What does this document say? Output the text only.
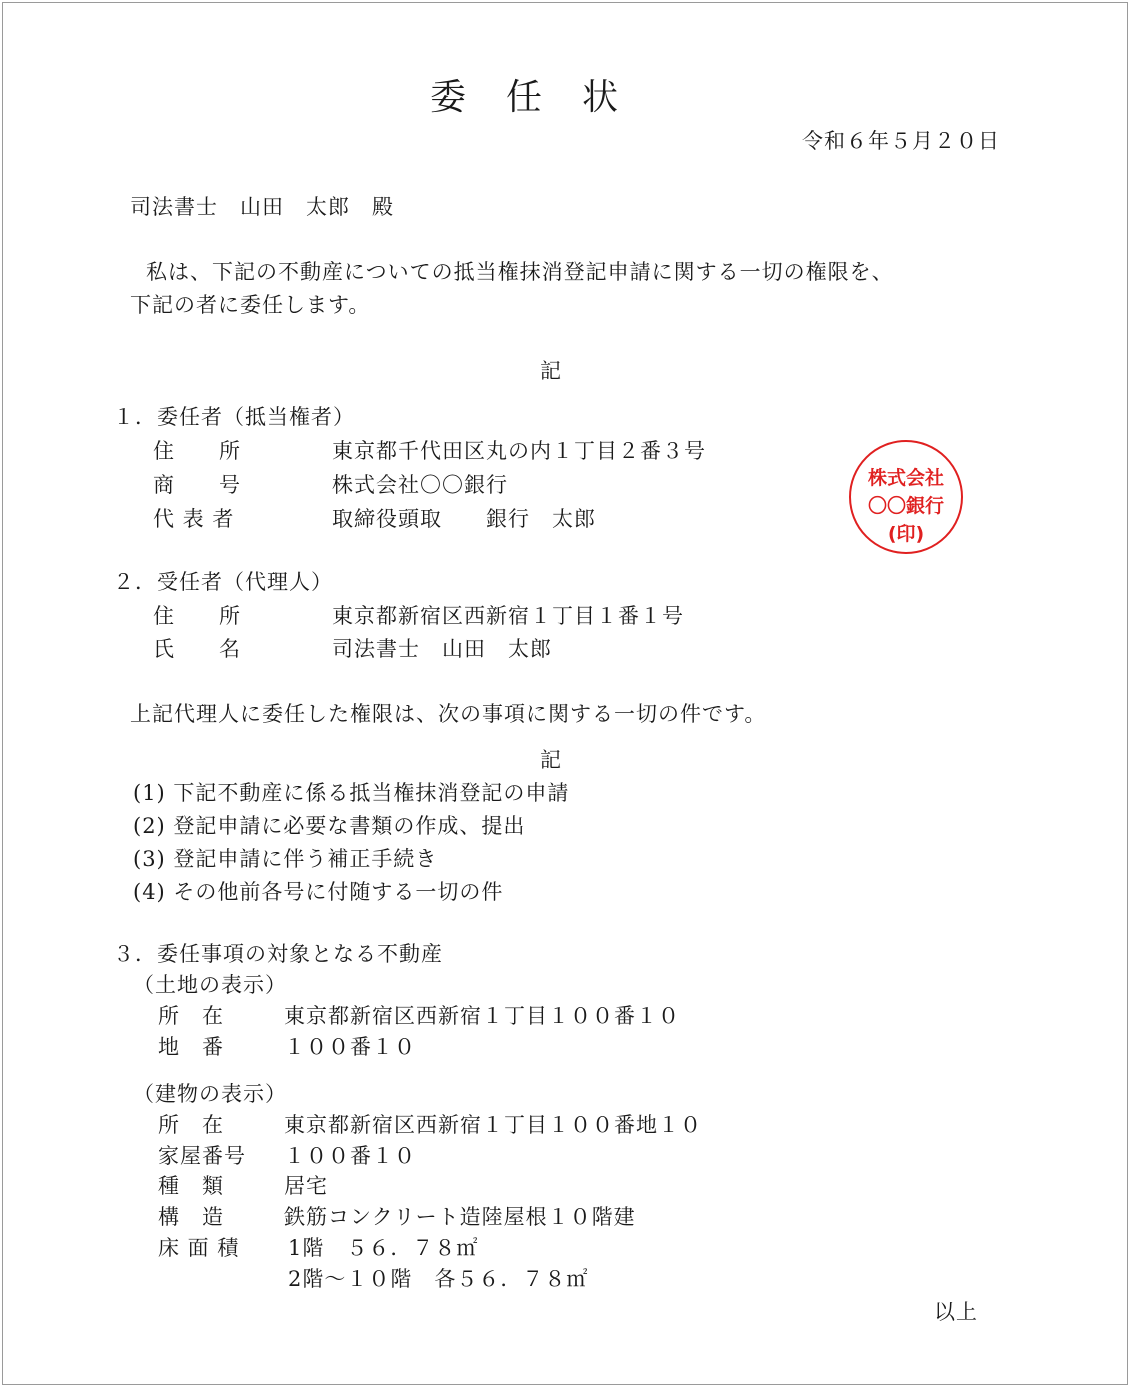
委 任 状
令和６年５月２０日
司法書士　山田　太郎　殿
私は、下記の不動産についての抵当権抹消登記申請に関する一切の権限を、
下記の者に委任します。
記
１．委任者（抵当権者）
住　　所	東京都千代田区丸の内１丁目２番３号
商　　号	株式会社〇〇銀行
代 表 者	取締役頭取　　銀行　太郎
株式会社
〇〇銀行
(印)
２．受任者（代理人）
住　　所	東京都新宿区西新宿１丁目１番１号
氏　　名	司法書士　山田　太郎
上記代理人に委任した権限は、次の事項に関する一切の件です。
記
(1) 下記不動産に係る抵当権抹消登記の申請
(2) 登記申請に必要な書類の作成、提出
(3) 登記申請に伴う補正手続き
(4) その他前各号に付随する一切の件
３．委任事項の対象となる不動産
（土地の表示）
所　在	東京都新宿区西新宿１丁目１００番１０
地　番	１００番１０
（建物の表示）
所　在	東京都新宿区西新宿１丁目１００番地１０
家屋番号 １００番１０
種　類	居宅
構　造	鉄筋コンクリート造陸屋根１０階建
床 面 積 1階　５６．７８㎡
2階～１０階　各５６．７８㎡
以上
